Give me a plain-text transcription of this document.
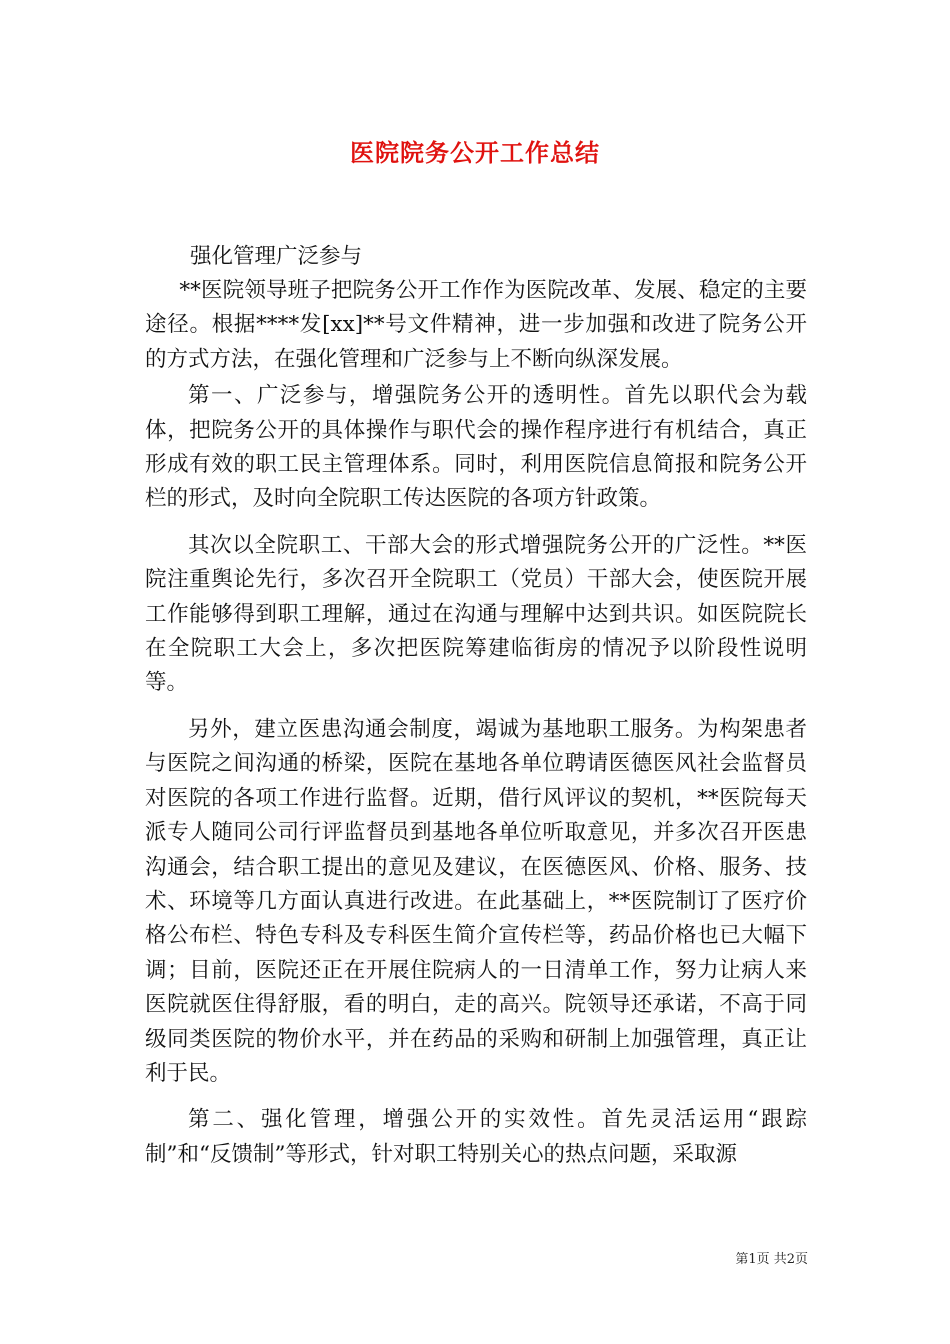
医院院务公开工作总结
强化管理广泛参与

**医院领导班子把院务公开工作作为医院改革、发展、稳定的主要途径。根据****发[xx]**号文件精神，进一步加强和改进了院务公开的方式方法，在强化管理和广泛参与上不断向纵深发展。

第一、广泛参与，增强院务公开的透明性。首先以职代会为载体，把院务公开的具体操作与职代会的操作程序进行有机结合，真正形成有效的职工民主管理体系。同时，利用医院信息简报和院务公开栏的形式，及时向全院职工传达医院的各项方针政策。

其次以全院职工、干部大会的形式增强院务公开的广泛性。**医院注重舆论先行，多次召开全院职工（党员）干部大会，使医院开展工作能够得到职工理解，通过在沟通与理解中达到共识。如医院院长在全院职工大会上，多次把医院筹建临街房的情况予以阶段性说明等。

另外，建立医患沟通会制度，竭诚为基地职工服务。为构架患者与医院之间沟通的桥梁，医院在基地各单位聘请医德医风社会监督员对医院的各项工作进行监督。近期，借行风评议的契机，**医院每天派专人随同公司行评监督员到基地各单位听取意见，并多次召开医患沟通会，结合职工提出的意见及建议，在医德医风、价格、服务、技术、环境等几方面认真进行改进。在此基础上，**医院制订了医疗价格公布栏、特色专科及专科医生简介宣传栏等，药品价格也已大幅下调；目前，医院还正在开展住院病人的一日清单工作，努力让病人来医院就医住得舒服，看的明白，走的高兴。院领导还承诺，不高于同级同类医院的物价水平，并在药品的采购和研制上加强管理，真正让利于民。

第二、强化管理，增强公开的实效性。首先灵活运用“跟踪制”和“反馈制”等形式，针对职工特别关心的热点问题，采取源

第1页 共2页
